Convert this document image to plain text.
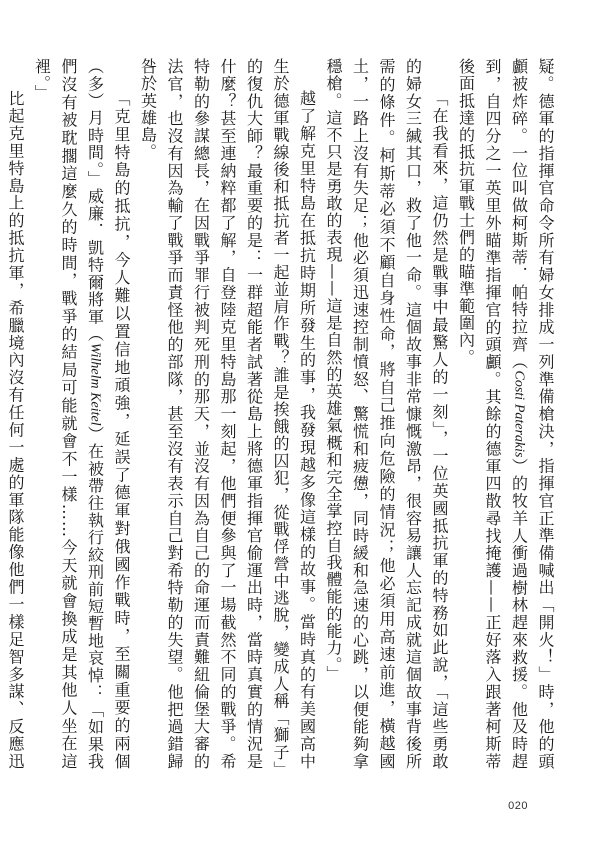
疑。德軍的指揮官命令所有婦女排成一列準備槍決，指揮官正準備喊出「開火！」時，他的頭顱被炸碎。一位叫做柯斯蒂．帕特拉齊（Costi Paterakis）的牧羊人衝過樹林趕來救援。他及時趕到，自四分之一英里外瞄準指揮官的頭顱。其餘的德軍四散尋找掩護——正好落入跟著柯斯蒂後面抵達的抵抗軍戰士們的瞄準範圍內。

「在我看來，這仍然是戰事中最驚人的一刻」，一位英國抵抗軍的特務如此說，「這些勇敢的婦女三緘其口，救了他一命。這個故事非常慷慨激昂，很容易讓人忘記成就這個故事背後所需的條件。柯斯蒂必須不顧自身性命，將自己推向危險的情況；他必須用高速前進，橫越國土，一路上沒有失足；他必須迅速控制憤怒、驚慌和疲憊，同時緩和急速的心跳，以便能夠拿穩槍。這不只是勇敢的表現——這是自然的英雄氣概和完全掌控自我體能的能力。」

越了解克里特島在抵抗時期所發生的事，我發現越多像這樣的故事。當時真的有美國高中生於德軍戰線後和抵抗者一起並肩作戰？誰是挨餓的囚犯，從戰俘營中逃脫，變成人稱「獅子」的復仇大師？最重要的是：一群超能者試著從島上將德軍指揮官偷運出時，當時真實的情況是什麼？甚至連納粹都了解，自登陸克里特島那一刻起，他們便參與了一場截然不同的戰爭。希特勒的參謀總長，在因戰爭罪行被判死刑的那天，並沒有因為自己的命運而責難紐倫堡大審的法官，也沒有因為輸了戰爭而責怪他的部隊，甚至沒有表示自己對希特勒的失望。他把過錯歸咎於英雄島。

「克里特島的抵抗，今人難以置信地頑強，延誤了德軍對俄國作戰時，至關重要的兩個（多）月時間。」威廉．凱特爾將軍（Wilhelm Keitel）在被帶往執行絞刑前短暫地哀悼：「如果我們沒有被耽擱這麼久的時間，戰爭的結局可能就會不一樣……今天就會換成是其他人坐在這裡。」

比起克里特島上的抵抗軍，希臘境內沒有任何一處的軍隊能像他們一樣足智多謀、反應迅

020
